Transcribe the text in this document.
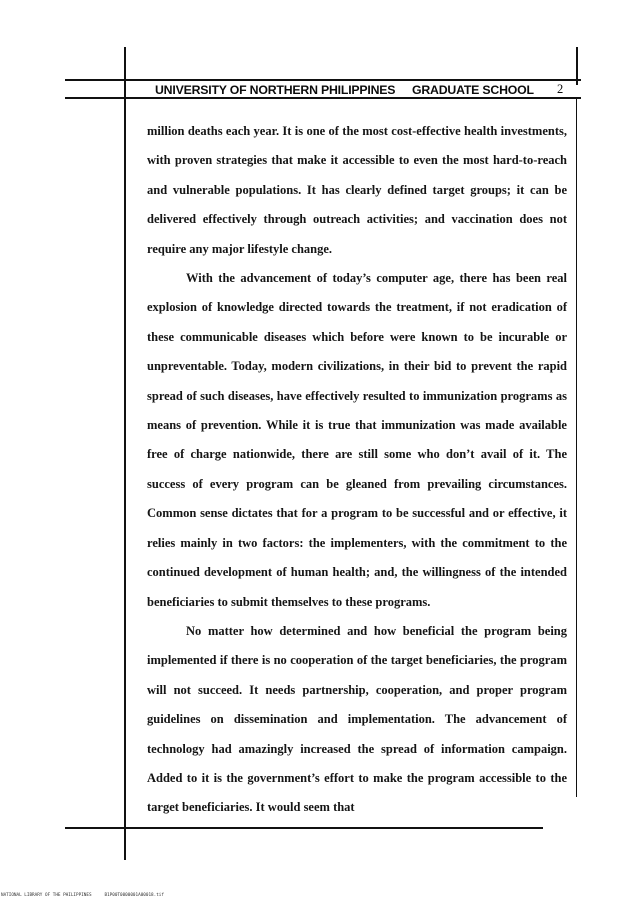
UNIVERSITY OF NORTHERN PHILIPPINES GRADUATE SCHOOL 2

million deaths each year. It is one of the most cost-effective health investments, with proven strategies that make it accessible to even the most hard-to-reach and vulnerable populations. It has clearly defined target groups; it can be delivered effectively through outreach activities; and vaccination does not require any major lifestyle change.

With the advancement of today’s computer age, there has been real explosion of knowledge directed towards the treatment, if not eradication of these communicable diseases which before were known to be incurable or unpreventable. Today, modern civilizations, in their bid to prevent the rapid spread of such diseases, have effectively resulted to immunization programs as means of prevention. While it is true that immunization was made available free of charge nationwide, there are still some who don’t avail of it. The success of every program can be gleaned from prevailing circumstances. Common sense dictates that for a program to be successful and or effective, it relies mainly in two factors: the implementers, with the commitment to the continued development of human health; and, the willingness of the intended beneficiaries to submit themselves to these programs.

No matter how determined and how beneficial the program being implemented if there is no cooperation of the target beneficiaries, the program will not succeed. It needs partnership, cooperation, and proper program guidelines on dissemination and implementation. The advancement of technology had amazingly increased the spread of information campaign. Added to it is the government’s effort to make the program accessible to the target beneficiaries. It would seem that

NATIONAL LIBRARY OF THE PHILIPPINES     B1P00T0000001A00018.tif
